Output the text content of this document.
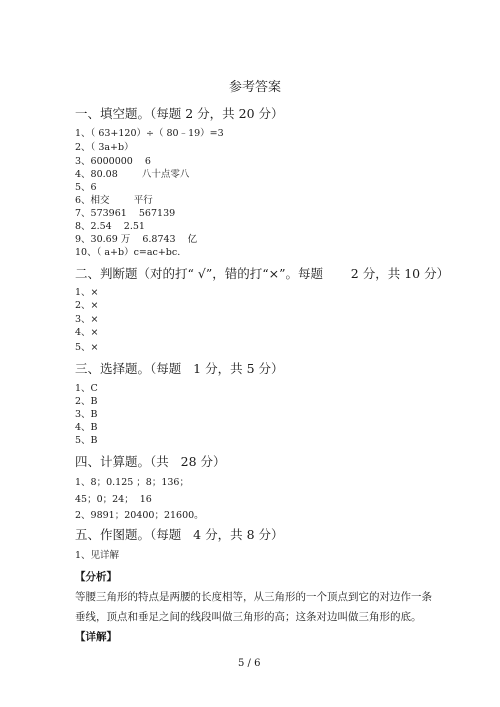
参考答案
一、填空题。（每题 2 分，共 20 分）
1、（ 63+120）÷（ 80﹣19）=3
2、（ 3a+b）
3、6000000    6
4、80.08        八十点零八
5、6
6、相交        平行
7、573961    567139
8、2.54    2.51
9、30.69 万    6.8743    亿
10、（ a+b）c=ac+bc.
二、判断题（对的打“ √”，错的打“×”。每题       2 分，共 10 分）
1、×
2、×
3、×
4、×
5、×
三、选择题。（每题   1 分，共 5 分）
1、C
2、B
3、B
4、B
5、B
四、计算题。（共   28 分）
1、8；0.125 ；8；136；
45；0；24；  16
2、9891；20400；21600。
五、作图题。（每题   4 分，共 8 分）
1、见详解
【分析】
等腰三角形的特点是两腰的长度相等，从三角形的一个顶点到它的对边作一条
垂线，顶点和垂足之间的线段叫做三角形的高；这条对边叫做三角形的底。
【详解】
5 / 6
